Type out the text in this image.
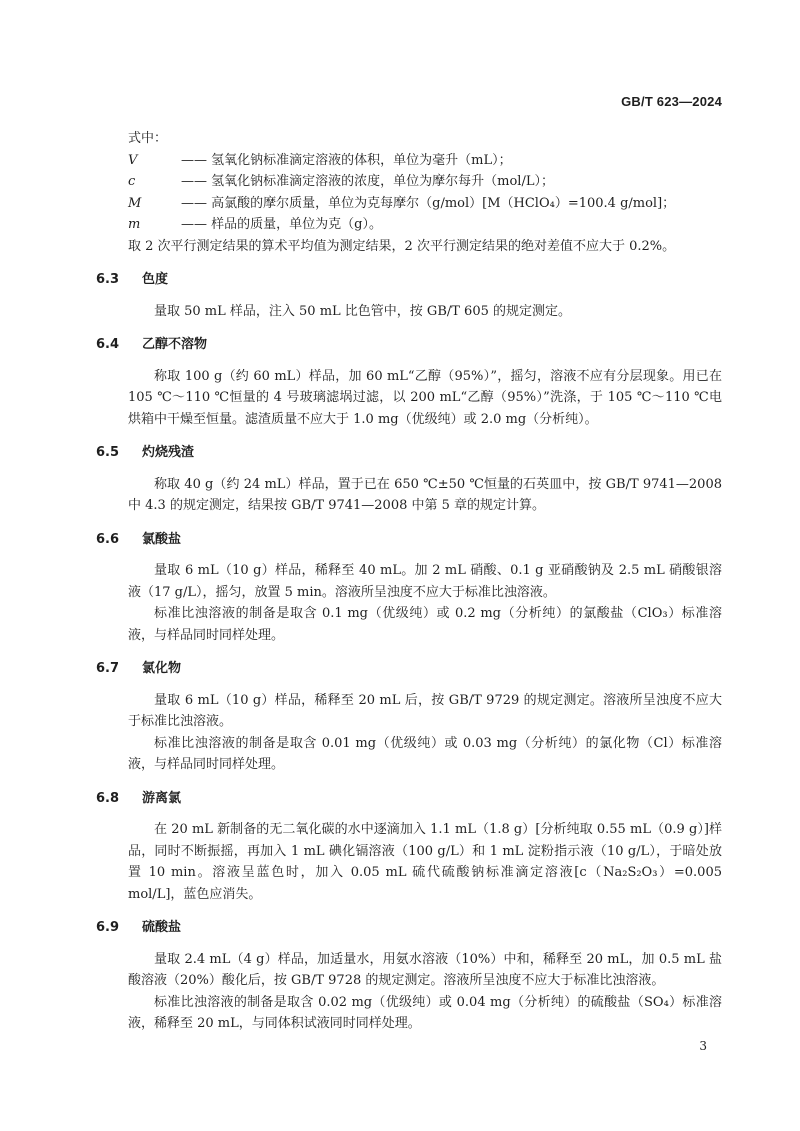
GB/T 623—2024

式中：

V	—— 氢氧化钠标准滴定溶液的体积，单位为毫升（mL）；
c	—— 氢氧化钠标准滴定溶液的浓度，单位为摩尔每升（mol/L）；
M	—— 高氯酸的摩尔质量，单位为克每摩尔（g/mol）[M（HClO₄）=100.4 g/mol]；
m	—— 样品的质量，单位为克（g）。

取 2 次平行测定结果的算术平均值为测定结果，2 次平行测定结果的绝对差值不应大于 0.2%。

6.3 色度

量取 50 mL 样品，注入 50 mL 比色管中，按 GB/T 605 的规定测定。

6.4 乙醇不溶物

称取 100 g（约 60 mL）样品，加 60 mL“乙醇（95%）”，摇匀，溶液不应有分层现象。用已在 105 ℃～110 ℃恒量的 4 号玻璃滤埚过滤，以 200 mL“乙醇（95%）”洗涤，于 105 ℃～110 ℃电烘箱中干燥至恒量。滤渣质量不应大于 1.0 mg（优级纯）或 2.0 mg（分析纯）。

6.5 灼烧残渣

称取 40 g（约 24 mL）样品，置于已在 650 ℃±50 ℃恒量的石英皿中，按 GB/T 9741—2008 中 4.3 的规定测定，结果按 GB/T 9741—2008 中第 5 章的规定计算。

6.6 氯酸盐

量取 6 mL（10 g）样品，稀释至 40 mL。加 2 mL 硝酸、0.1 g 亚硝酸钠及 2.5 mL 硝酸银溶液（17 g/L），摇匀，放置 5 min。溶液所呈浊度不应大于标准比浊溶液。

标准比浊溶液的制备是取含 0.1 mg（优级纯）或 0.2 mg（分析纯）的氯酸盐（ClO₃）标准溶液，与样品同时同样处理。

6.7 氯化物

量取 6 mL（10 g）样品，稀释至 20 mL 后，按 GB/T 9729 的规定测定。溶液所呈浊度不应大于标准比浊溶液。

标准比浊溶液的制备是取含 0.01 mg（优级纯）或 0.03 mg（分析纯）的氯化物（Cl）标准溶液，与样品同时同样处理。

6.8 游离氯

在 20 mL 新制备的无二氧化碳的水中逐滴加入 1.1 mL（1.8 g）[分析纯取 0.55 mL（0.9 g）]样品，同时不断振摇，再加入 1 mL 碘化镉溶液（100 g/L）和 1 mL 淀粉指示液（10 g/L），于暗处放置 10 min。溶液呈蓝色时，加入 0.05 mL 硫代硫酸钠标准滴定溶液[c（Na₂S₂O₃）=0.005 mol/L]，蓝色应消失。

6.9 硫酸盐

量取 2.4 mL（4 g）样品，加适量水，用氨水溶液（10%）中和，稀释至 20 mL，加 0.5 mL 盐酸溶液（20%）酸化后，按 GB/T 9728 的规定测定。溶液所呈浊度不应大于标准比浊溶液。

标准比浊溶液的制备是取含 0.02 mg（优级纯）或 0.04 mg（分析纯）的硫酸盐（SO₄）标准溶液，稀释至 20 mL，与同体积试液同时同样处理。

3
